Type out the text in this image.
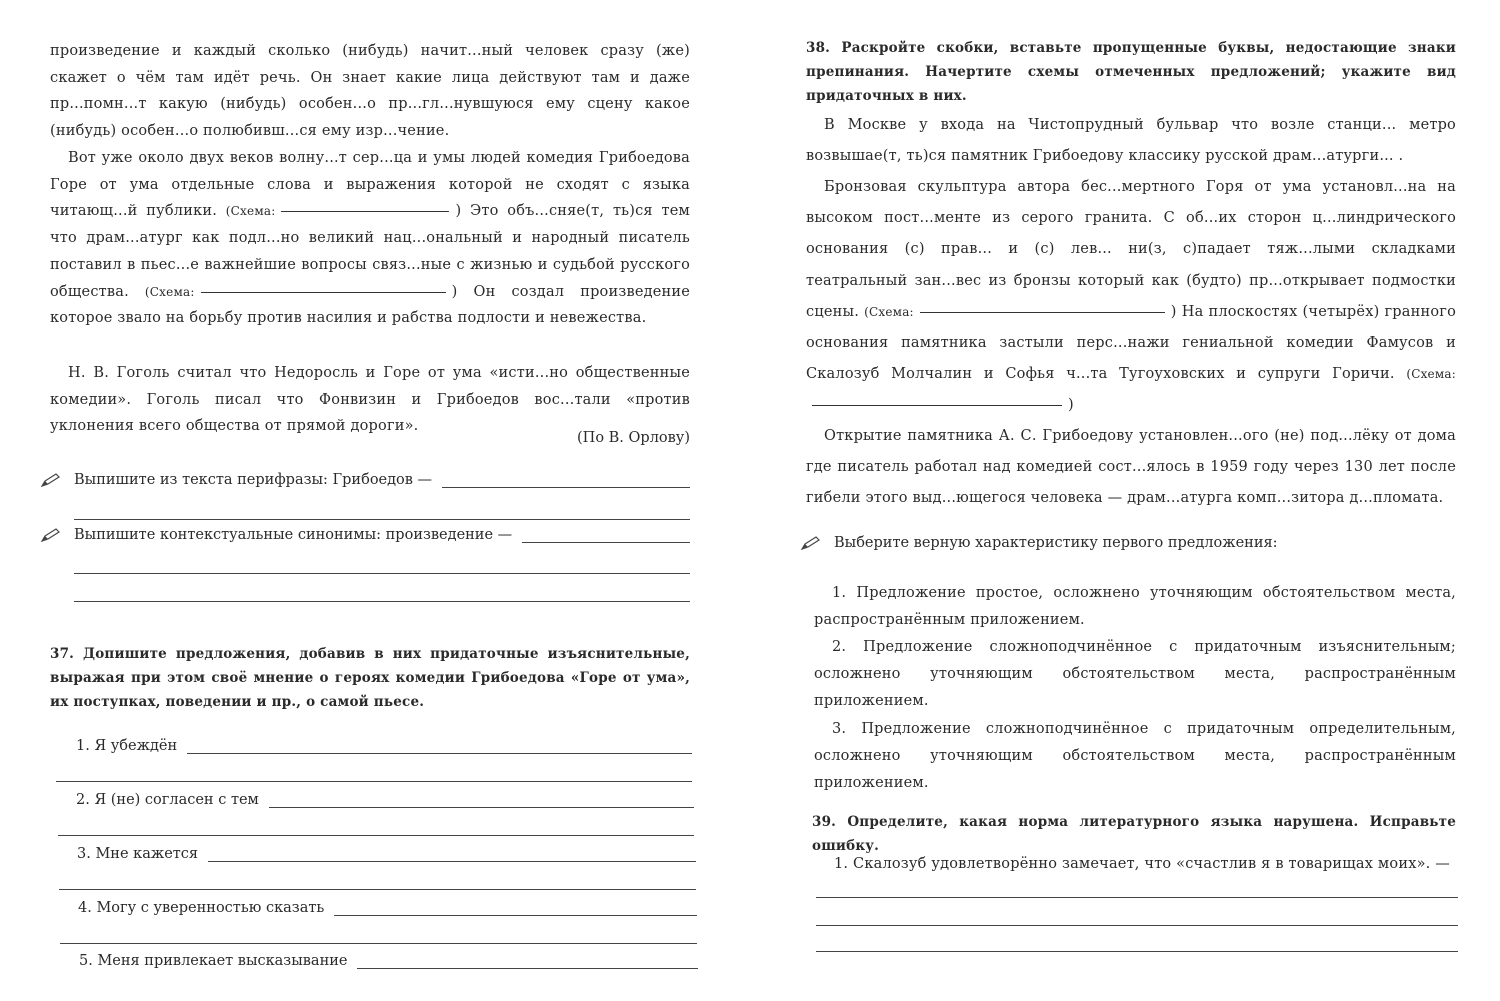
произведение и каждый сколько (нибудь) начит...ный человек сразу (же) скажет о чём там идёт речь. Он знает какие лица действуют там и даже пр...помн...т какую (нибудь) особен...о пр...гл...нувшуюся ему сцену какое (нибудь) особен...о полюбивш...ся ему изр...чение.

Вот уже около двух веков волну...т сер...ца и умы людей комедия Грибоедова Горе от ума отдельные слова и выражения которой не сходят с языка читающ...й публики. (Схема:	) Это объ...сняе(т, ть)ся тем что драм...атург как подл...но великий нац...ональный и народный писатель поставил в пьес...е важнейшие вопросы связ...ные с жизнью и судьбой русского общества. (Схема:	) Он создал произведение которое звало на борьбу против насилия и рабства подлости и невежества.

Н. В. Гоголь считал что Недоросль и Горе от ума «исти...но общественные комедии». Гоголь писал что Фонвизин и Грибоедов вос...тали «против уклонения всего общества от прямой дороги».

(По В. Орлову)

Выпишите из текста перифразы: Грибоедов —
Выпишите контекстуальные синонимы: произведение —

37. Допишите предложения, добавив в них придаточные изъяснительные, выражая при этом своё мнение о героях комедии Грибоедова «Горе от ума», их поступках, поведении и пр., о самой пьесе.

1. Я убеждён
2. Я (не) согласен с тем
3. Мне кажется
4. Могу с уверенностью сказать
5. Меня привлекает высказывание

38. Раскройте скобки, вставьте пропущенные буквы, недостающие знаки препинания. Начертите схемы отмеченных предложений; укажите вид придаточных в них.

В Москве у входа на Чистопрудный бульвар что возле станци... метро возвышае(т, ть)ся памятник Грибоедову классику русской драм...атурги... .

Бронзовая скульптура автора бес...мертного Горя от ума установл...на на высоком пост...менте из серого гранита. С об...их сторон ц...линдрического основания (с) прав... и (с) лев... ни(з, с)падает тяж...лыми складками театральный зан...вес из бронзы который как (будто) пр...открывает подмостки сцены. (Схема:	) На плоскостях (четырёх) гранного основания памятника застыли перс...нажи гениальной комедии Фамусов и Скалозуб Молчалин и Софья ч...та Тугоуховских и супруги Горичи. (Схема:)

Открытие памятника А. С. Грибоедову установлен...ого (не) под...лёку от дома где писатель работал над комедией сост...ялось в 1959 году через 130 лет после гибели этого выд...ющегося человека — драм...атурга комп...зитора д...пломата.

Выберите верную характеристику первого предложения:

1. Предложение простое, осложнено уточняющим обстоятельством места, распространённым приложением.

2. Предложение сложноподчинённое с придаточным изъяснительным; осложнено уточняющим обстоятельством места, распространённым приложением.

3. Предложение сложноподчинённое с придаточным определительным, осложнено уточняющим обстоятельством места, распространённым приложением.

39. Определите, какая норма литературного языка нарушена. Исправьте ошибку.

1. Скалозуб удовлетворённо замечает, что «счастлив я в товарищах моих». —
